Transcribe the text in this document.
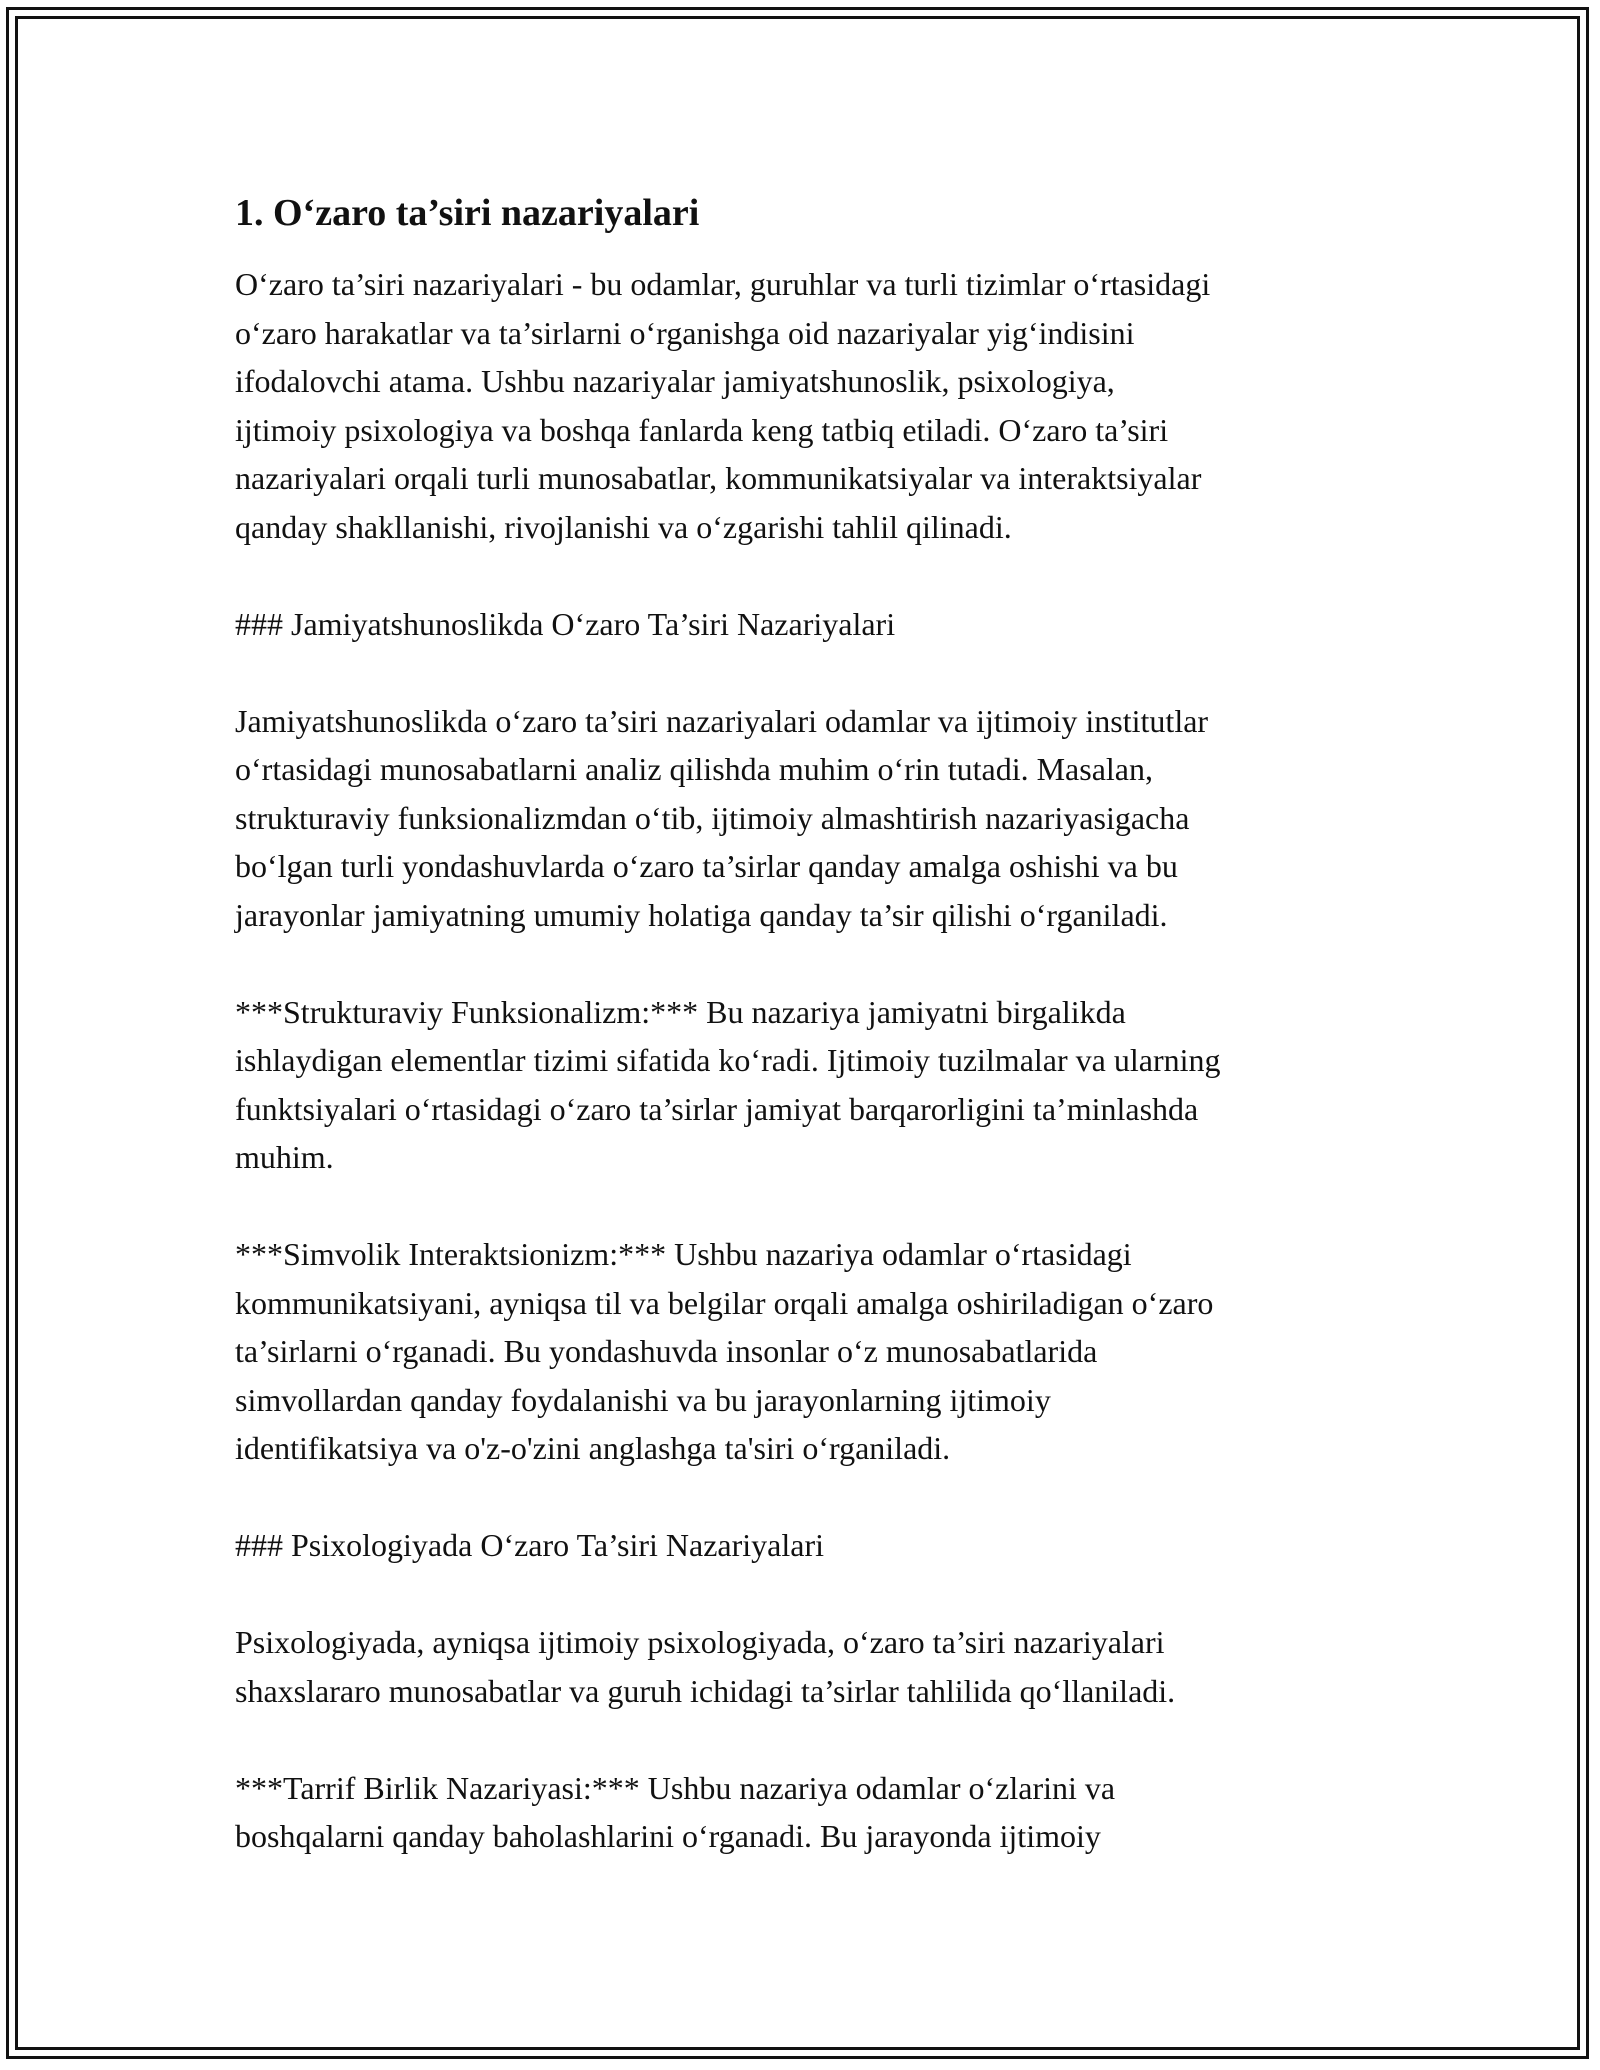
1. O‘zaro ta’siri nazariyalari
O‘zaro ta’siri nazariyalari - bu odamlar, guruhlar va turli tizimlar o‘rtasidagi
o‘zaro harakatlar va ta’sirlarni o‘rganishga oid nazariyalar yig‘indisini
ifodalovchi atama. Ushbu nazariyalar jamiyatshunoslik, psixologiya,
ijtimoiy psixologiya va boshqa fanlarda keng tatbiq etiladi. O‘zaro ta’siri
nazariyalari orqali turli munosabatlar, kommunikatsiyalar va interaktsiyalar
qanday shakllanishi, rivojlanishi va o‘zgarishi tahlil qilinadi.
### Jamiyatshunoslikda O‘zaro Ta’siri Nazariyalari
Jamiyatshunoslikda o‘zaro ta’siri nazariyalari odamlar va ijtimoiy institutlar
o‘rtasidagi munosabatlarni analiz qilishda muhim o‘rin tutadi. Masalan,
strukturaviy funksionalizmdan o‘tib, ijtimoiy almashtirish nazariyasigacha
bo‘lgan turli yondashuvlarda o‘zaro ta’sirlar qanday amalga oshishi va bu
jarayonlar jamiyatning umumiy holatiga qanday ta’sir qilishi o‘rganiladi.
***Strukturaviy Funksionalizm:*** Bu nazariya jamiyatni birgalikda
ishlaydigan elementlar tizimi sifatida ko‘radi. Ijtimoiy tuzilmalar va ularning
funktsiyalari o‘rtasidagi o‘zaro ta’sirlar jamiyat barqarorligini ta’minlashda
muhim.
***Simvolik Interaktsionizm:*** Ushbu nazariya odamlar o‘rtasidagi
kommunikatsiyani, ayniqsa til va belgilar orqali amalga oshiriladigan o‘zaro
ta’sirlarni o‘rganadi. Bu yondashuvda insonlar o‘z munosabatlarida
simvollardan qanday foydalanishi va bu jarayonlarning ijtimoiy
identifikatsiya va o'z-o'zini anglashga ta'siri o‘rganiladi.
### Psixologiyada O‘zaro Ta’siri Nazariyalari
Psixologiyada, ayniqsa ijtimoiy psixologiyada, o‘zaro ta’siri nazariyalari
shaxslararo munosabatlar va guruh ichidagi ta’sirlar tahlilida qo‘llaniladi.
***Tarrif Birlik Nazariyasi:*** Ushbu nazariya odamlar o‘zlarini va
boshqalarni qanday baholashlarini o‘rganadi. Bu jarayonda ijtimoiy
